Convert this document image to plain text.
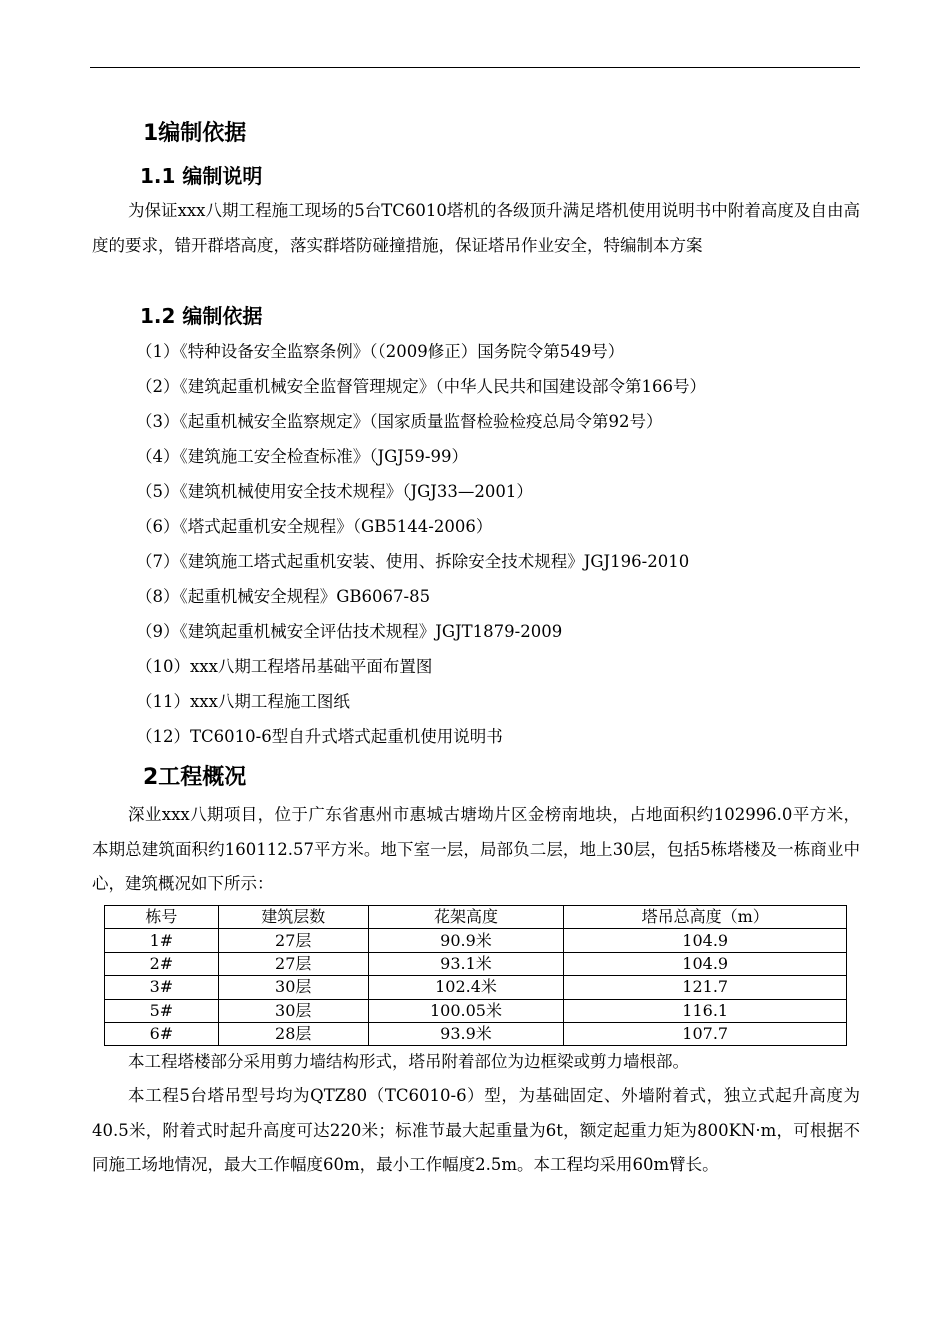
1编制依据
1.1 编制说明
为保证xxx八期工程施工现场的5台TC6010塔机的各级顶升满足塔机使用说明书中附着高度及自由高度的要求，错开群塔高度，落实群塔防碰撞措施，保证塔吊作业安全，特编制本方案
1.2 编制依据
（1）《特种设备安全监察条例》（（2009修正）国务院令第549号）
（2）《建筑起重机械安全监督管理规定》（中华人民共和国建设部令第166号）
（3）《起重机械安全监察规定》（国家质量监督检验检疫总局令第92号）
（4）《建筑施工安全检查标准》（JGJ59-99）
（5）《建筑机械使用安全技术规程》（JGJ33—2001）
（6）《塔式起重机安全规程》（GB5144-2006）
（7）《建筑施工塔式起重机安装、使用、拆除安全技术规程》JGJ196-2010
（8）《起重机械安全规程》GB6067-85
（9）《建筑起重机械安全评估技术规程》JGJT1879-2009
（10）xxx八期工程塔吊基础平面布置图
（11）xxx八期工程施工图纸
（12）TC6010-6型自升式塔式起重机使用说明书
2工程概况
深业xxx八期项目，位于广东省惠州市惠城古塘坳片区金榜南地块，占地面积约102996.0平方米，本期总建筑面积约160112.57平方米。地下室一层，局部负二层，地上30层，包括5栋塔楼及一栋商业中心，建筑概况如下所示：
栋号	建筑层数	花架高度	塔吊总高度（m）
1#	27层	90.9米	104.9
2#	27层	93.1米	104.9
3#	30层	102.4米	121.7
5#	30层	100.05米	116.1
6#	28层	93.9米	107.7
本工程塔楼部分采用剪力墙结构形式，塔吊附着部位为边框梁或剪力墙根部。
本工程5台塔吊型号均为QTZ80（TC6010-6）型，为基础固定、外墙附着式，独立式起升高度为40.5米，附着式时起升高度可达220米；标准节最大起重量为6t，额定起重力矩为800KN·m，可根据不同施工场地情况，最大工作幅度60m，最小工作幅度2.5m。本工程均采用60m臂长。
